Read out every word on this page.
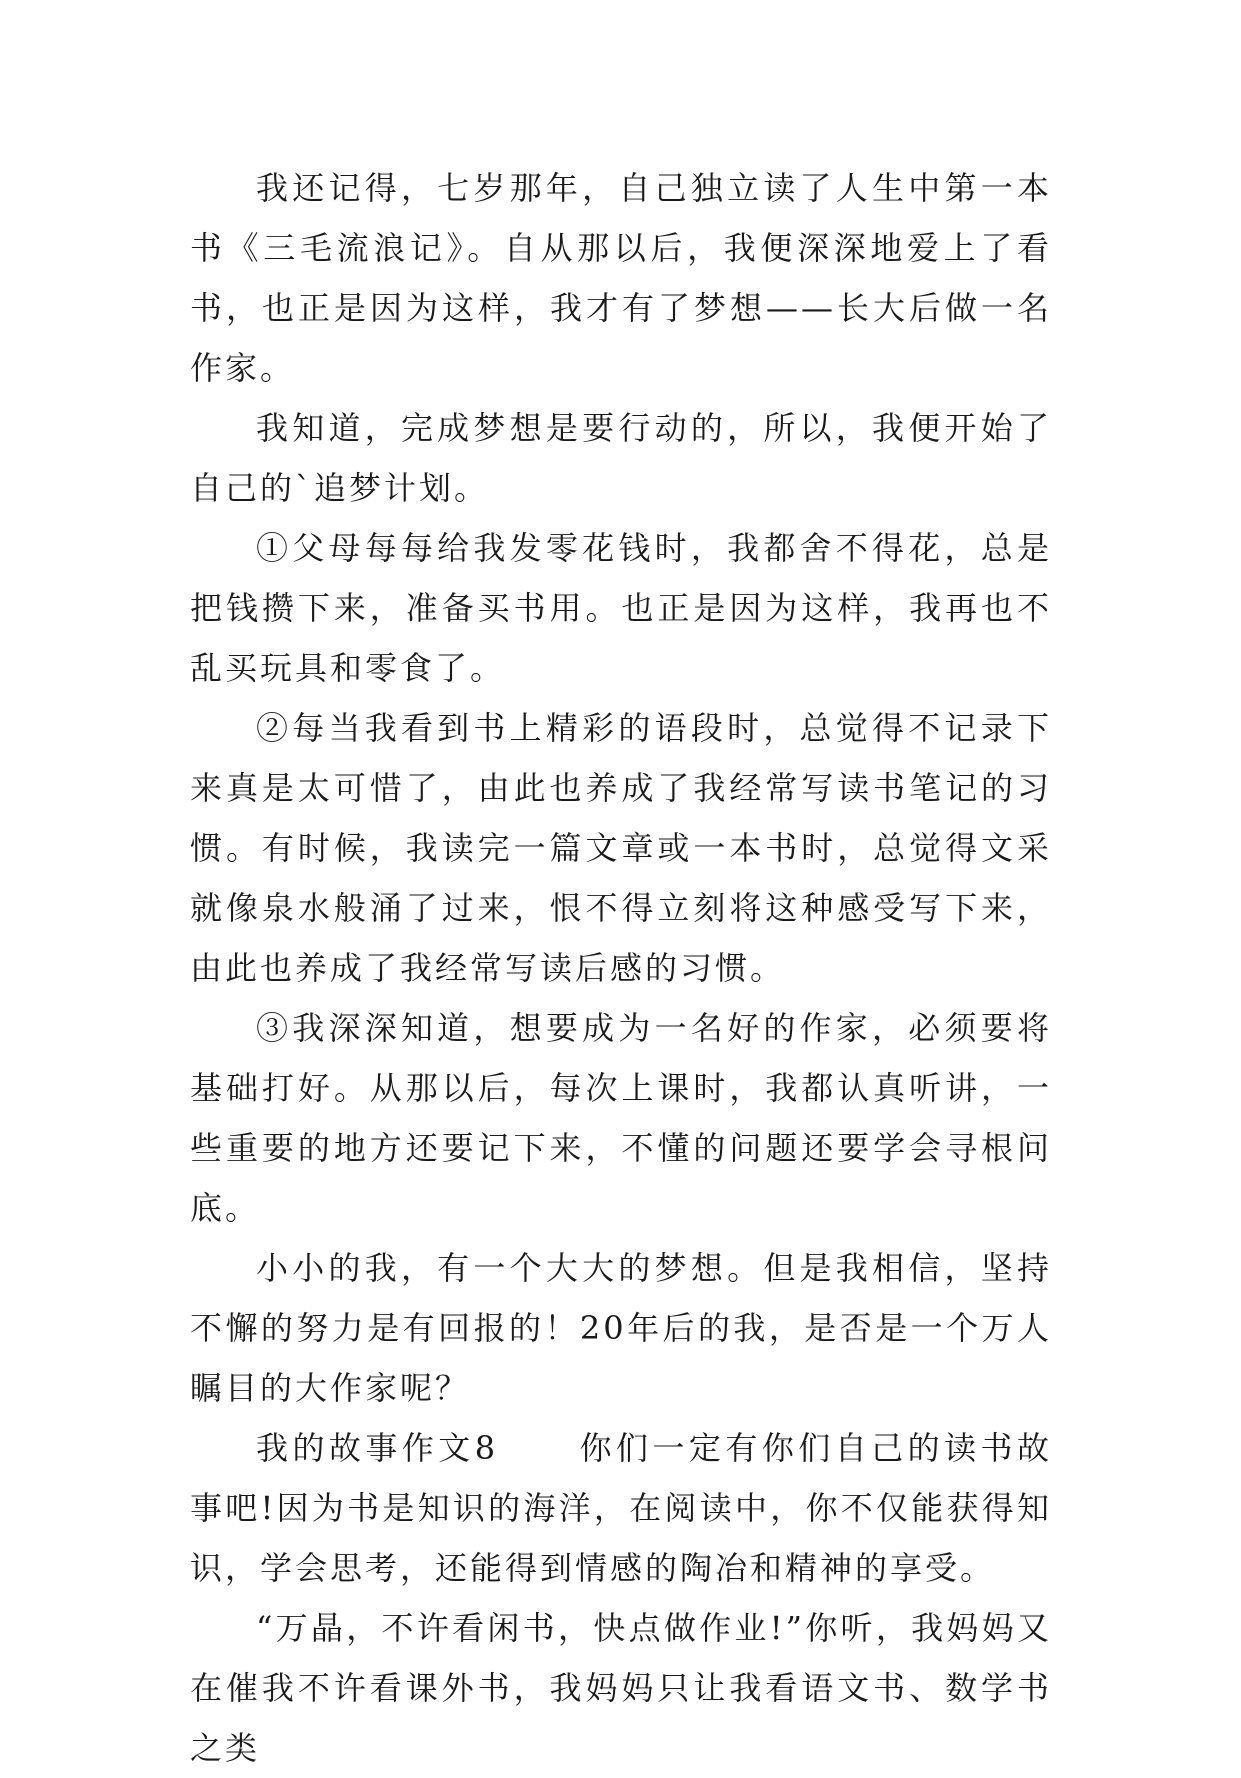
我还记得，七岁那年，自己独立读了人生中第一本书《三毛流浪记》。自从那以后，我便深深地爱上了看书，也正是因为这样，我才有了梦想——长大后做一名作家。

我知道，完成梦想是要行动的，所以，我便开始了自己的`追梦计划。

①父母每每给我发零花钱时，我都舍不得花，总是把钱攒下来，准备买书用。也正是因为这样，我再也不乱买玩具和零食了。

②每当我看到书上精彩的语段时，总觉得不记录下来真是太可惜了，由此也养成了我经常写读书笔记的习惯。有时候，我读完一篇文章或一本书时，总觉得文采就像泉水般涌了过来，恨不得立刻将这种感受写下来，由此也养成了我经常写读后感的习惯。

③我深深知道，想要成为一名好的作家，必须要将基础打好。从那以后，每次上课时，我都认真听讲，一些重要的地方还要记下来，不懂的问题还要学会寻根问底。

小小的我，有一个大大的梦想。但是我相信，坚持不懈的努力是有回报的！20年后的我，是否是一个万人瞩目的大作家呢？

我的故事作文8	你们一定有你们自己的读书故事吧!因为书是知识的海洋，在阅读中，你不仅能获得知识，学会思考，还能得到情感的陶冶和精神的享受。

“万晶，不许看闲书，快点做作业!”你听，我妈妈又在催我不许看课外书，我妈妈只让我看语文书、数学书之类
